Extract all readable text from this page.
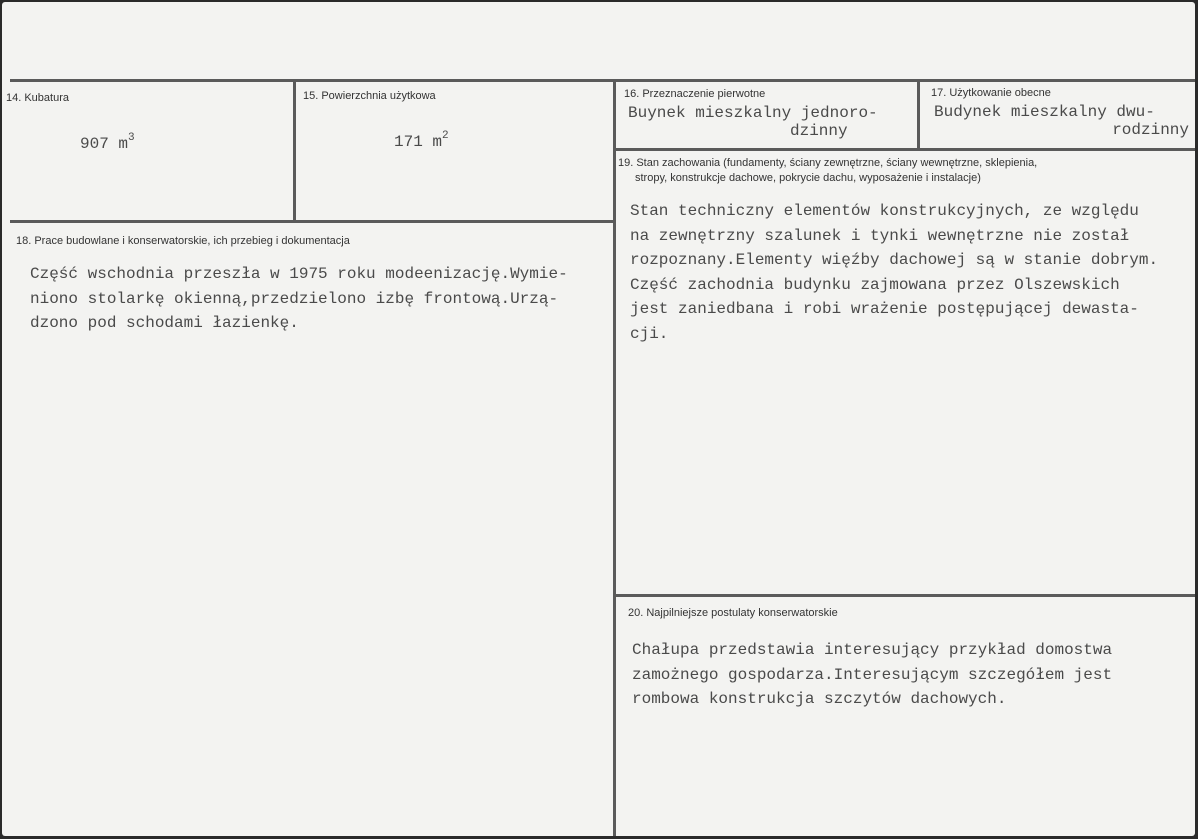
14. Kubatura
907 $m^3$
15. Powierzchnia użytkowa
171 $m^2$
16. Przeznaczenie pierwotne
Buynek mieszkalny jednoro-
dzinny
17. Użytkowanie obecne
Budynek mieszkalny dwu-
rodzinny
18. Prace budowlane i konserwatorskie, ich przebieg i dokumentacja
Część wschodnia przeszła w 1975 roku modeenizację.Wymie-
niono stolarkę okienną,przedzielono izbę frontową.Urzą-
dzono pod schodami łazienkę.
19. Stan zachowania (fundamenty, ściany zewnętrzne, ściany wewnętrzne, sklepienia,
stropy, konstrukcje dachowe, pokrycie dachu, wyposażenie i instalacje)
Stan techniczny elementów konstrukcyjnych, ze względu
na zewnętrzny szalunek i tynki wewnętrzne nie został
rozpoznany.Elementy więźby dachowej są w stanie dobrym.
Część zachodnia budynku zajmowana przez Olszewskich
jest zaniedbana i robi wrażenie postępującej dewasta-
cji.
20. Najpilniejsze postulaty konserwatorskie
Chałupa przedstawia interesujący przykład domostwa
zamożnego gospodarza.Interesującym szczegółem jest
rombowa konstrukcja szczytów dachowych.
